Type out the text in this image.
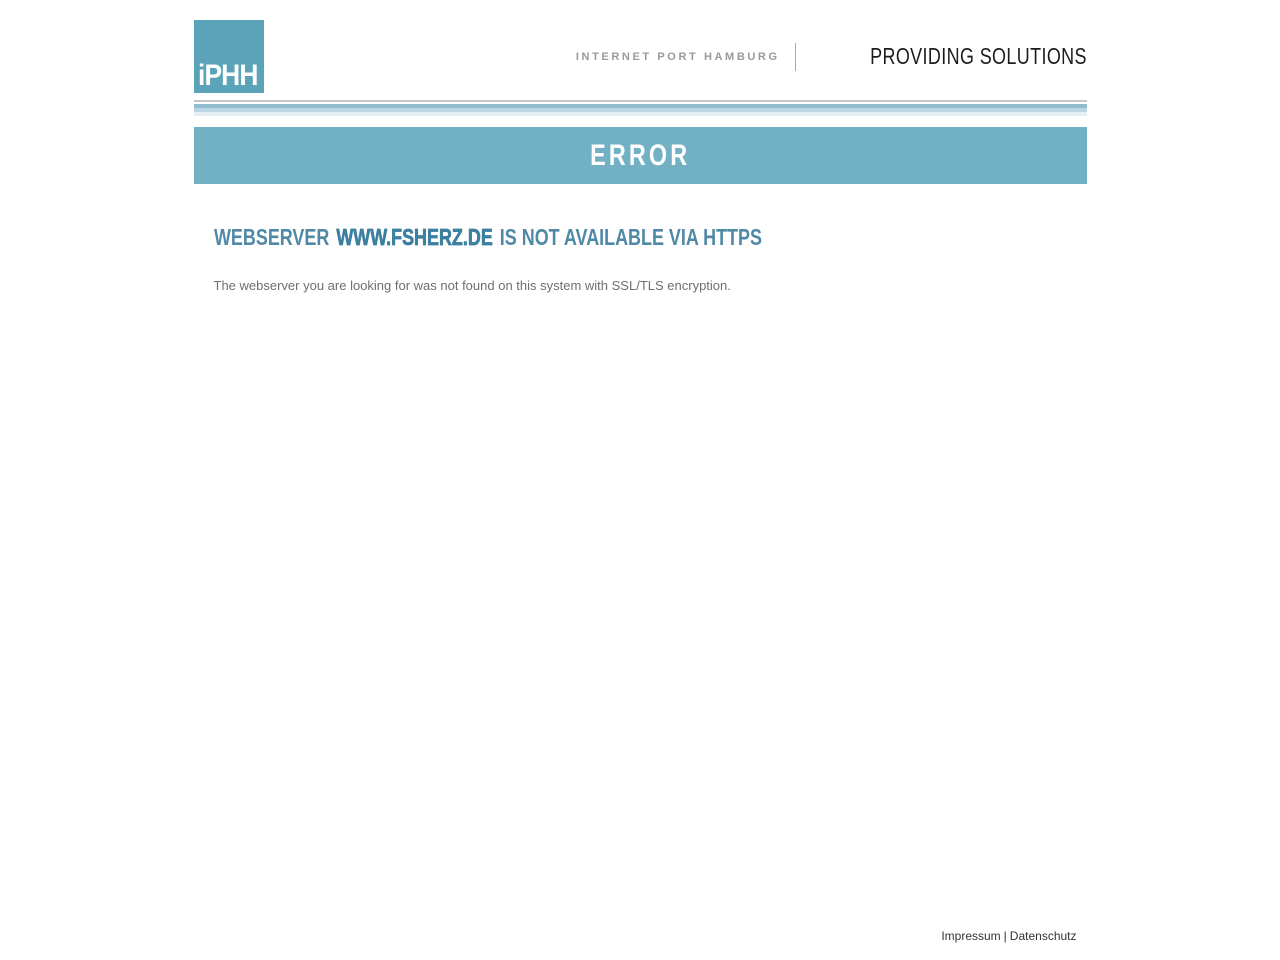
iPHH
INTERNET PORT HAMBURG	PROVIDING SOLUTIONS
ERROR
WEBSERVER WWW.FSHERZ.DE IS NOT AVAILABLE VIA HTTPS
The webserver you are looking for was not found on this system with SSL/TLS encryption.
Impressum | Datenschutz
